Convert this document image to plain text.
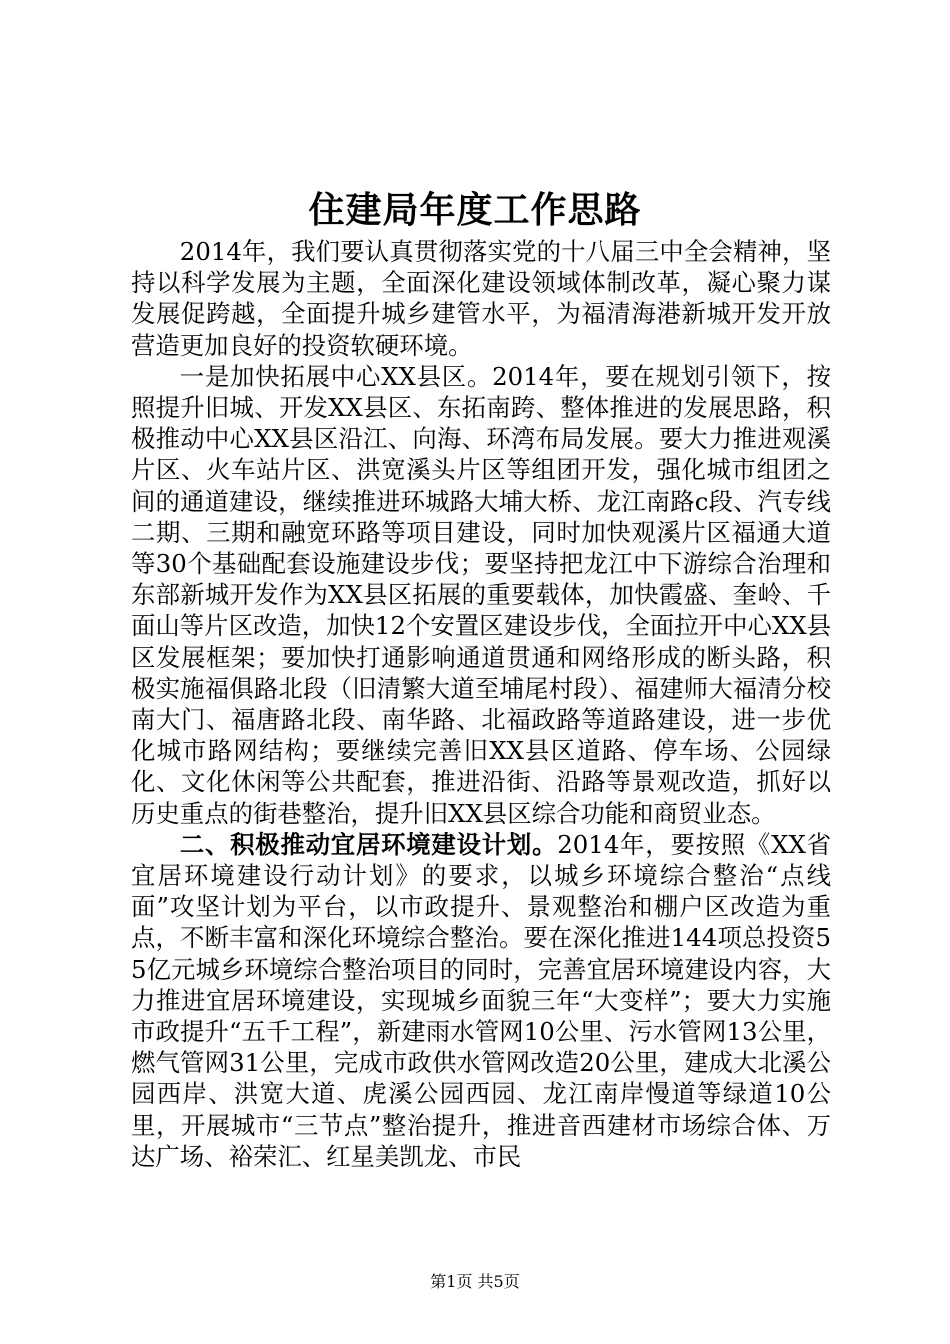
住建局年度工作思路

2014年，我们要认真贯彻落实党的十八届三中全会精神，坚持以科学发展为主题，全面深化建设领域体制改革，凝心聚力谋发展促跨越，全面提升城乡建管水平，为福清海港新城开发开放营造更加良好的投资软硬环境。

一是加快拓展中心XX县区。2014年，要在规划引领下，按照提升旧城、开发XX县区、东拓南跨、整体推进的发展思路，积极推动中心XX县区沿江、向海、环湾布局发展。要大力推进观溪片区、火车站片区、洪宽溪头片区等组团开发，强化城市组团之间的通道建设，继续推进环城路大埔大桥、龙江南路c段、汽专线二期、三期和融宽环路等项目建设，同时加快观溪片区福通大道等30个基础配套设施建设步伐；要坚持把龙江中下游综合治理和东部新城开发作为XX县区拓展的重要载体，加快霞盛、奎岭、千面山等片区改造，加快12个安置区建设步伐，全面拉开中心XX县区发展框架；要加快打通影响通道贯通和网络形成的断头路，积极实施福俱路北段（旧清繁大道至埔尾村段）、福建师大福清分校南大门、福唐路北段、南华路、北福政路等道路建设，进一步优化城市路网结构；要继续完善旧XX县区道路、停车场、公园绿化、文化休闲等公共配套，推进沿街、沿路等景观改造，抓好以历史重点的街巷整治，提升旧XX县区综合功能和商贸业态。

二、积极推动宜居环境建设计划。2014年，要按照《XX省宜居环境建设行动计划》的要求，以城乡环境综合整治“点线面”攻坚计划为平台，以市政提升、景观整治和棚户区改造为重点，不断丰富和深化环境综合整治。要在深化推进144项总投资55亿元城乡环境综合整治项目的同时，完善宜居环境建设内容，大力推进宜居环境建设，实现城乡面貌三年“大变样”；要大力实施市政提升“五千工程”，新建雨水管网10公里、污水管网13公里，燃气管网31公里，完成市政供水管网改造20公里，建成大北溪公园西岸、洪宽大道、虎溪公园西园、龙江南岸慢道等绿道10公里，开展城市“三节点”整治提升，推进音西建材市场综合体、万达广场、裕荣汇、红星美凯龙、市民

第1页 共5页
